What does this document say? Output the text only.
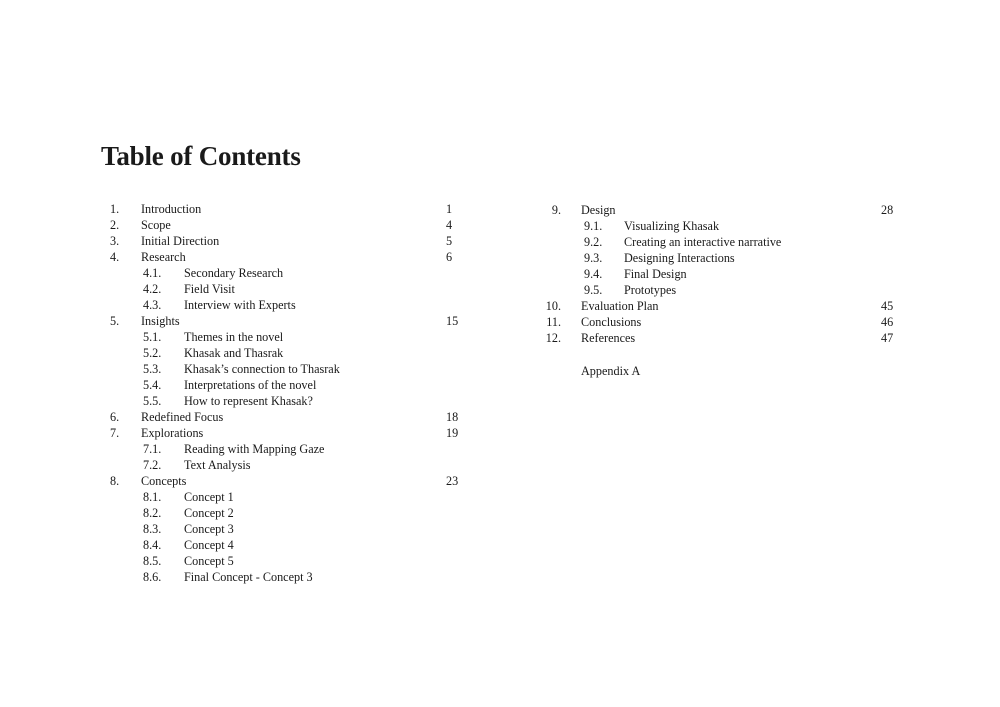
Table of Contents
1. Introduction	1
2. Scope	4
3. Initial Direction	5
4. Research	6
4.1. Secondary Research
4.2. Field Visit
4.3. Interview with Experts
5. Insights	15
5.1. Themes in the novel
5.2. Khasak and Thasrak
5.3. Khasak’s connection to Thasrak
5.4. Interpretations of the novel
5.5. How to represent Khasak?
6. Redefined Focus	18
7. Explorations	19
7.1. Reading with Mapping Gaze
7.2. Text Analysis
8. Concepts	23
8.1. Concept 1
8.2. Concept 2
8.3. Concept 3
8.4. Concept 4
8.5. Concept 5
8.6. Final Concept - Concept 3
9. Design	28
9.1. Visualizing Khasak
9.2. Creating an interactive narrative
9.3. Designing Interactions
9.4. Final Design
9.5. Prototypes
10. Evaluation Plan	45
11. Conclusions	46
12. References	47
Appendix A
